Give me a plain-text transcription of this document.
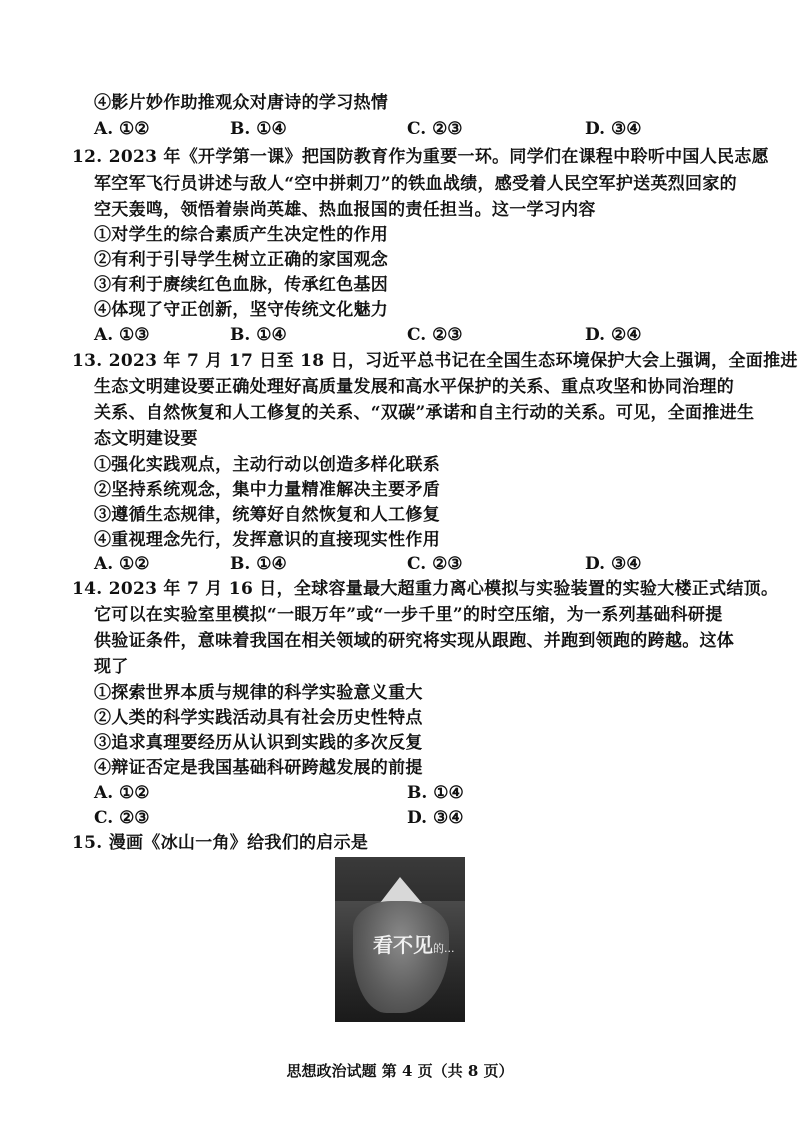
④影片妙作助推观众对唐诗的学习热情
A. ①②	B. ①④	C. ②③	D. ③④
12. 2023 年《开学第一课》把国防教育作为重要一环。同学们在课程中聆听中国人民志愿
军空军飞行员讲述与敌人“空中拼刺刀”的铁血战绩，感受着人民空军护送英烈回家的
空天轰鸣，领悟着崇尚英雄、热血报国的责任担当。这一学习内容
①对学生的综合素质产生决定性的作用
②有利于引导学生树立正确的家国观念
③有利于赓续红色血脉，传承红色基因
④体现了守正创新，坚守传统文化魅力
A. ①③	B. ①④	C. ②③	D. ②④
13. 2023 年 7 月 17 日至 18 日，习近平总书记在全国生态环境保护大会上强调，全面推进
生态文明建设要正确处理好高质量发展和高水平保护的关系、重点攻坚和协同治理的
关系、自然恢复和人工修复的关系、“双碳”承诺和自主行动的关系。可见，全面推进生
态文明建设要
①强化实践观点，主动行动以创造多样化联系
②坚持系统观念，集中力量精准解决主要矛盾
③遵循生态规律，统筹好自然恢复和人工修复
④重视理念先行，发挥意识的直接现实性作用
A. ①②	B. ①④	C. ②③	D. ③④
14. 2023 年 7 月 16 日，全球容量最大超重力离心模拟与实验装置的实验大楼正式结顶。
它可以在实验室里模拟“一眼万年”或“一步千里”的时空压缩，为一系列基础科研提
供验证条件，意味着我国在相关领域的研究将实现从跟跑、并跑到领跑的跨越。这体
现了
①探索世界本质与规律的科学实验意义重大
②人类的科学实践活动具有社会历史性特点
③追求真理要经历从认识到实践的多次反复
④辩证否定是我国基础科研跨越发展的前提
A. ①②	B. ①④
C. ②③	D. ③④
15. 漫画《冰山一角》给我们的启示是
看不见的...
思想政治试题 第 4 页（共 8 页）
